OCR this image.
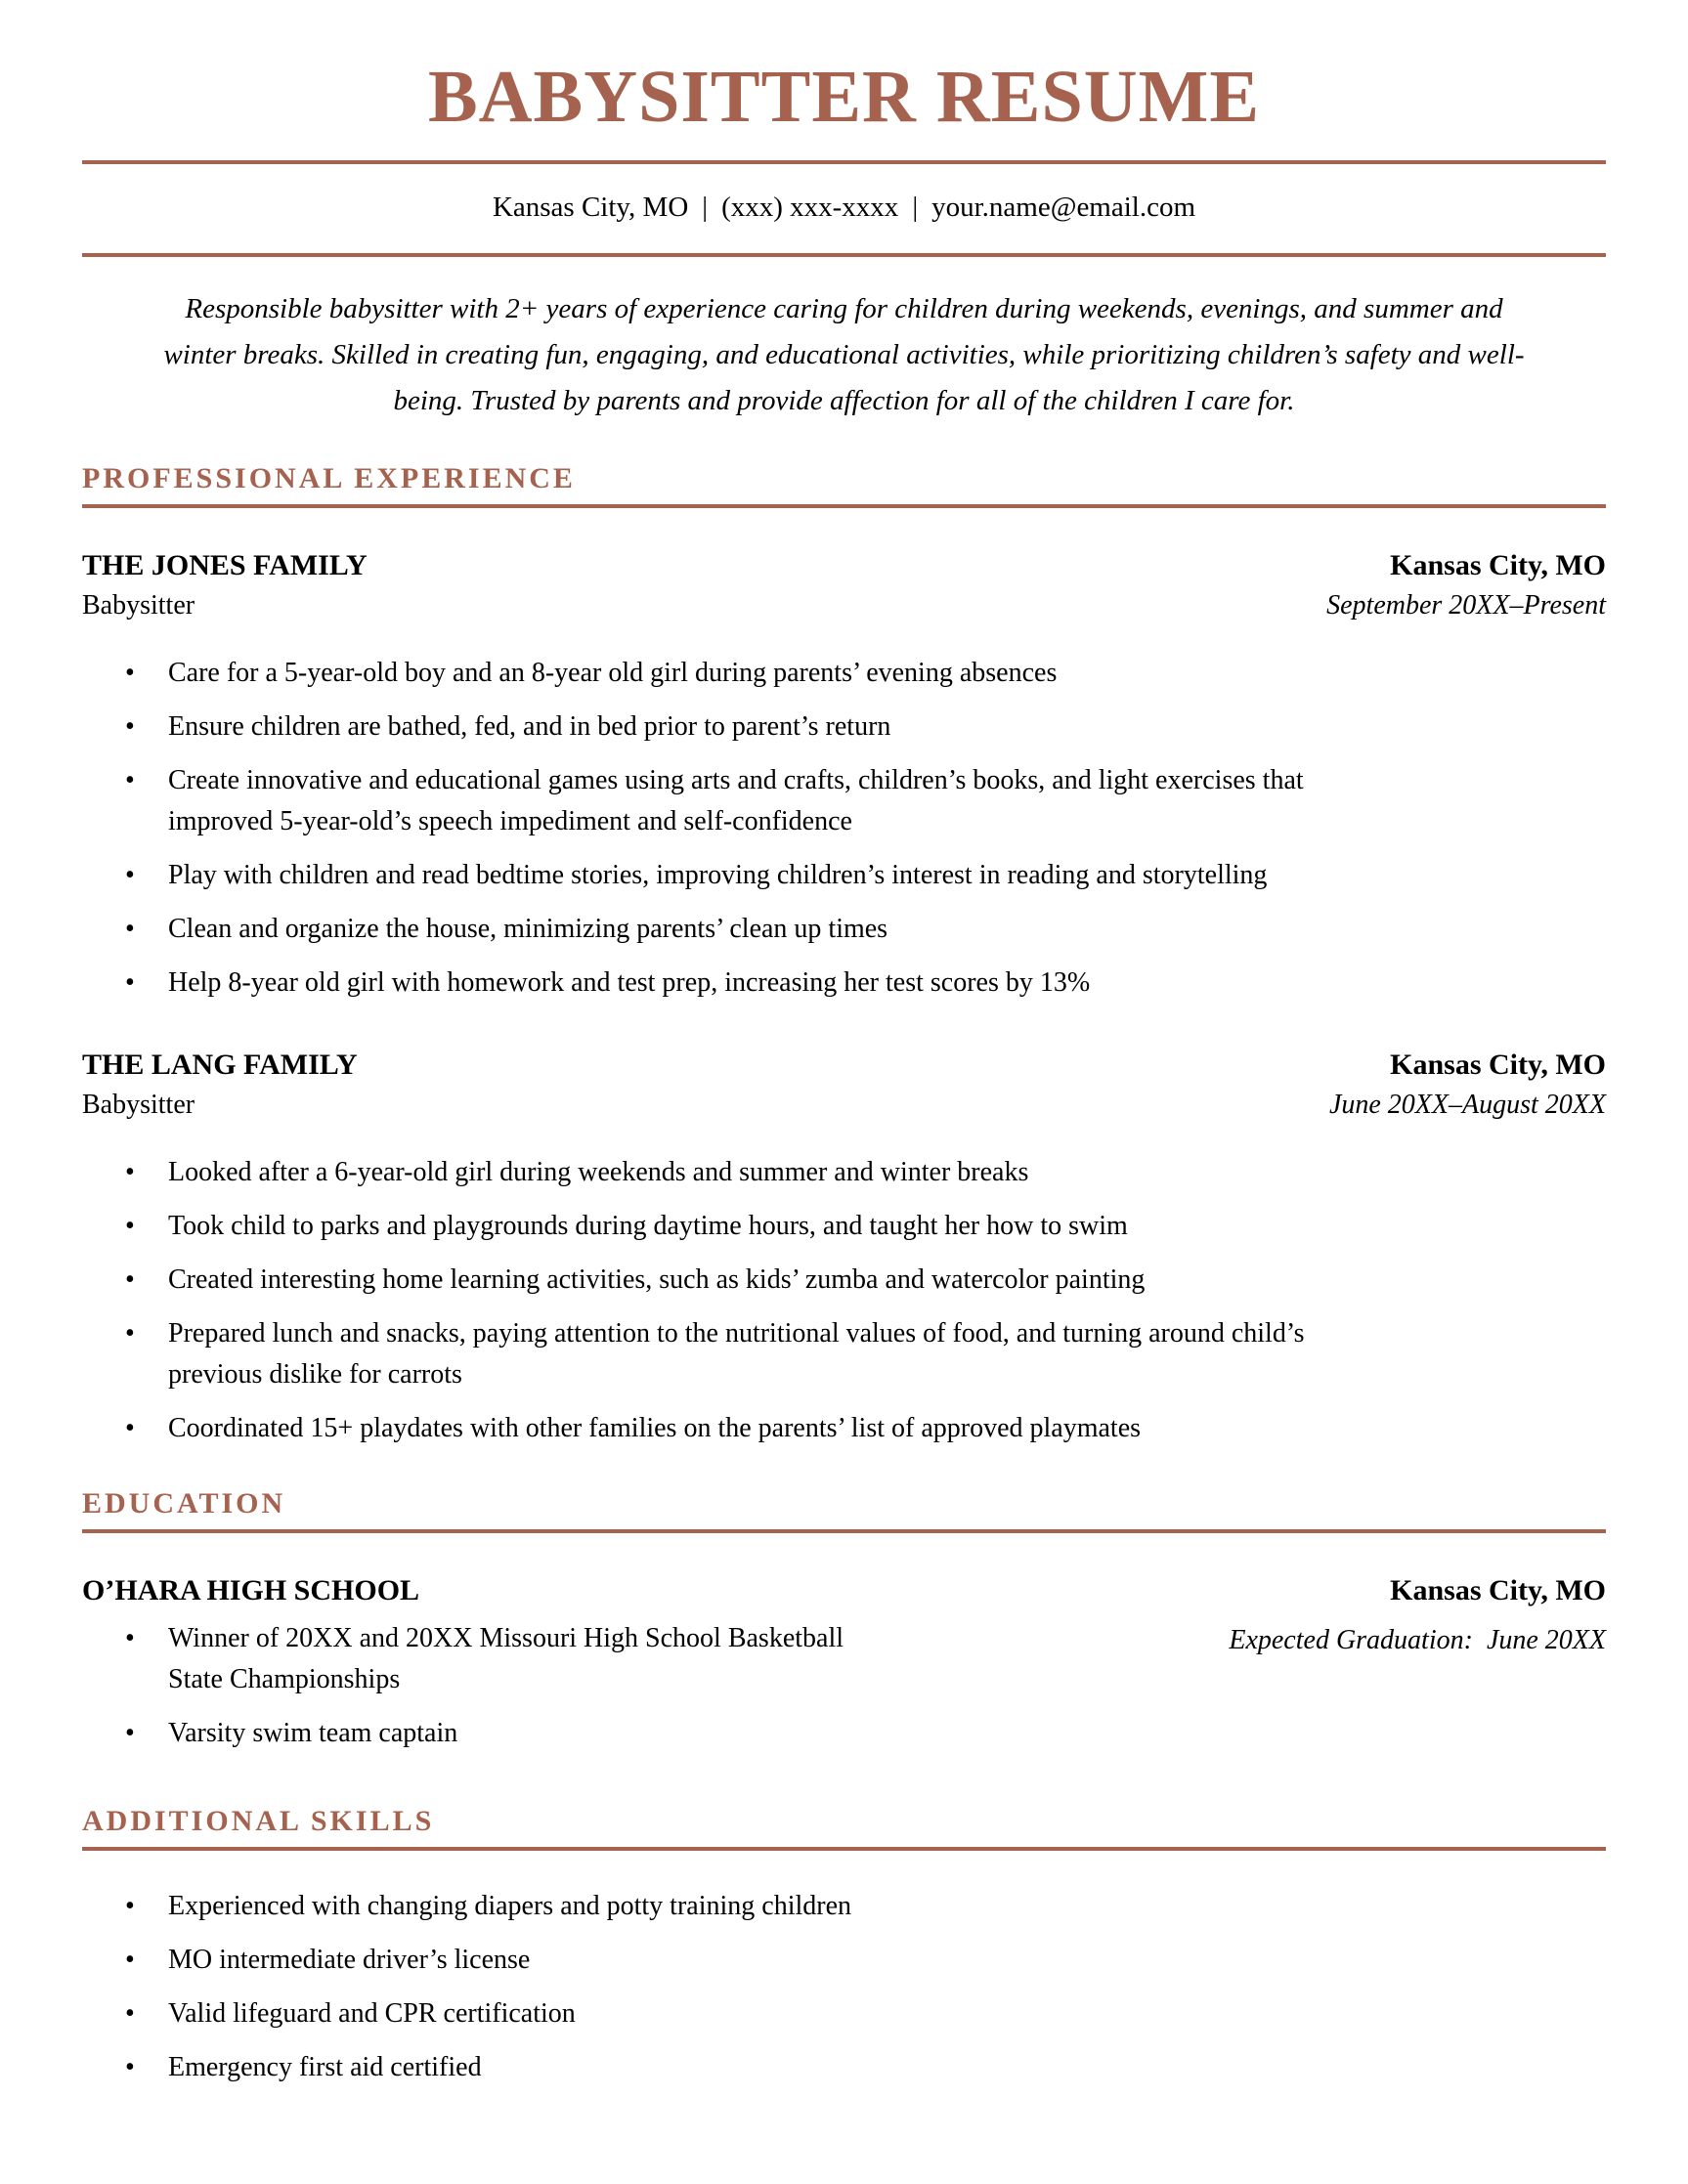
BABYSITTER RESUME
Kansas City, MO | (xxx) xxx-xxxx | your.name@email.com
Responsible babysitter with 2+ years of experience caring for children during weekends, evenings, and summer and winter breaks. Skilled in creating fun, engaging, and educational activities, while prioritizing children’s safety and well-being. Trusted by parents and provide affection for all of the children I care for.
PROFESSIONAL EXPERIENCE
THE JONES FAMILY	Kansas City, MO
Babysitter	September 20XX–Present
• Care for a 5-year-old boy and an 8-year old girl during parents’ evening absences
• Ensure children are bathed, fed, and in bed prior to parent’s return
• Create innovative and educational games using arts and crafts, children’s books, and light exercises that improved 5-year-old’s speech impediment and self-confidence
• Play with children and read bedtime stories, improving children’s interest in reading and storytelling
• Clean and organize the house, minimizing parents’ clean up times
• Help 8-year old girl with homework and test prep, increasing her test scores by 13%
THE LANG FAMILY	Kansas City, MO
Babysitter	June 20XX–August 20XX
• Looked after a 6-year-old girl during weekends and summer and winter breaks
• Took child to parks and playgrounds during daytime hours, and taught her how to swim
• Created interesting home learning activities, such as kids’ zumba and watercolor painting
• Prepared lunch and snacks, paying attention to the nutritional values of food, and turning around child’s previous dislike for carrots
• Coordinated 15+ playdates with other families on the parents’ list of approved playmates
EDUCATION
O’HARA HIGH SCHOOL	Kansas City, MO
• Winner of 20XX and 20XX Missouri High School Basketball State Championships
• Varsity swim team captain
Expected Graduation:  June 20XX
ADDITIONAL SKILLS
• Experienced with changing diapers and potty training children
• MO intermediate driver’s license
• Valid lifeguard and CPR certification
• Emergency first aid certified
